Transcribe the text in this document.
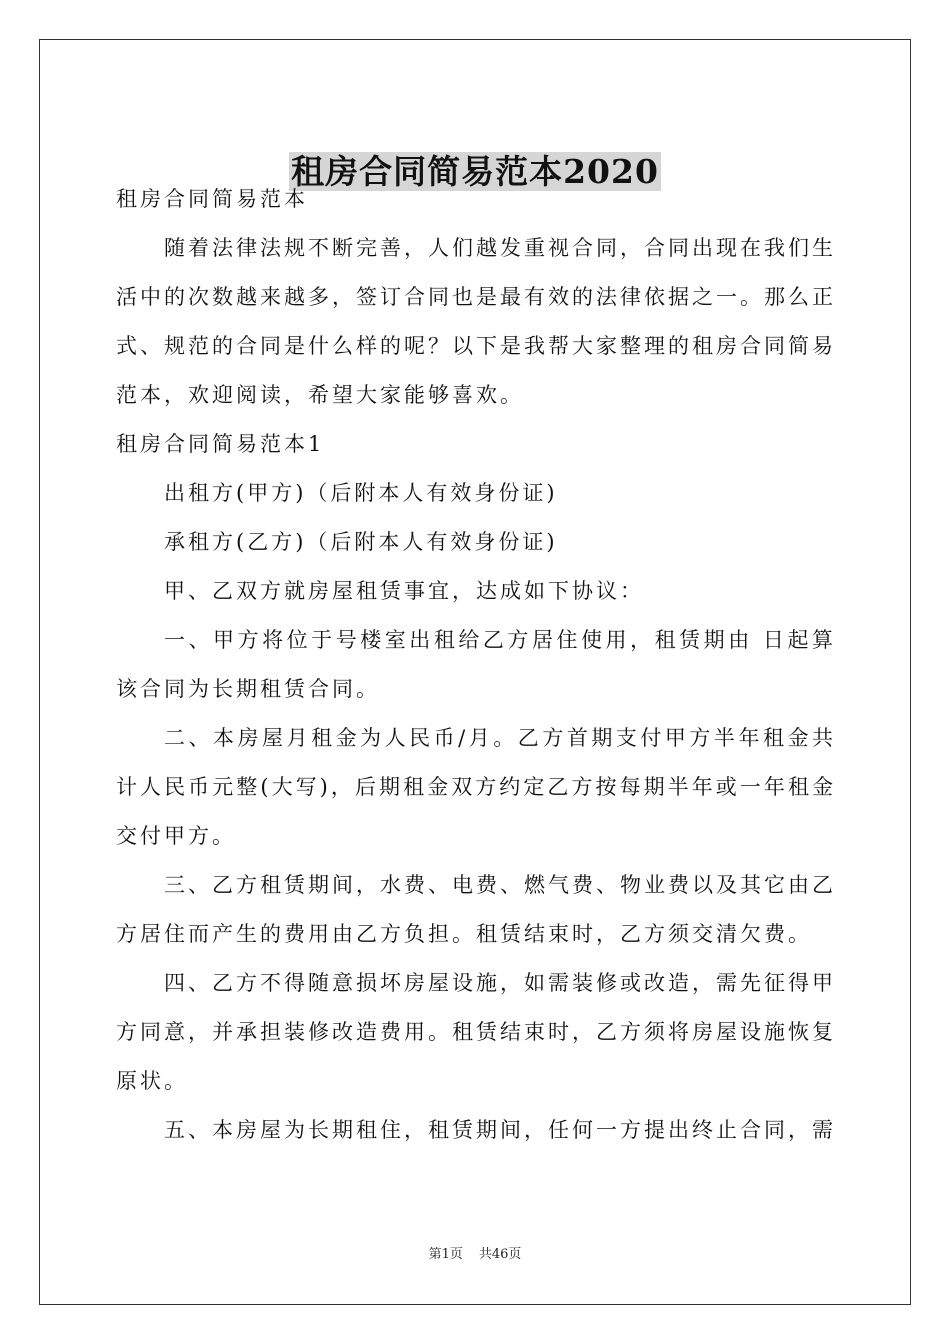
租房合同简易范本2020

租房合同简易范本

随着法律法规不断完善，人们越发重视合同，合同出现在我们生活中的次数越来越多，签订合同也是最有效的法律依据之一。那么正式、规范的合同是什么样的呢？以下是我帮大家整理的租房合同简易范本，欢迎阅读，希望大家能够喜欢。

租房合同简易范本1

出租方(甲方)（后附本人有效身份证)

承租方(乙方)（后附本人有效身份证)

甲、乙双方就房屋租赁事宜，达成如下协议：

一、甲方将位于号楼室出租给乙方居住使用，租赁期由 日起算该合同为长期租赁合同。

二、本房屋月租金为人民币/月。乙方首期支付甲方半年租金共计人民币元整(大写)，后期租金双方约定乙方按每期半年或一年租金交付甲方。

三、乙方租赁期间，水费、电费、燃气费、物业费以及其它由乙方居住而产生的费用由乙方负担。租赁结束时，乙方须交清欠费。

四、乙方不得随意损坏房屋设施，如需装修或改造，需先征得甲方同意，并承担装修改造费用。租赁结束时，乙方须将房屋设施恢复原状。

五、本房屋为长期租住，租赁期间，任何一方提出终止合同，需

第1页 共46页
